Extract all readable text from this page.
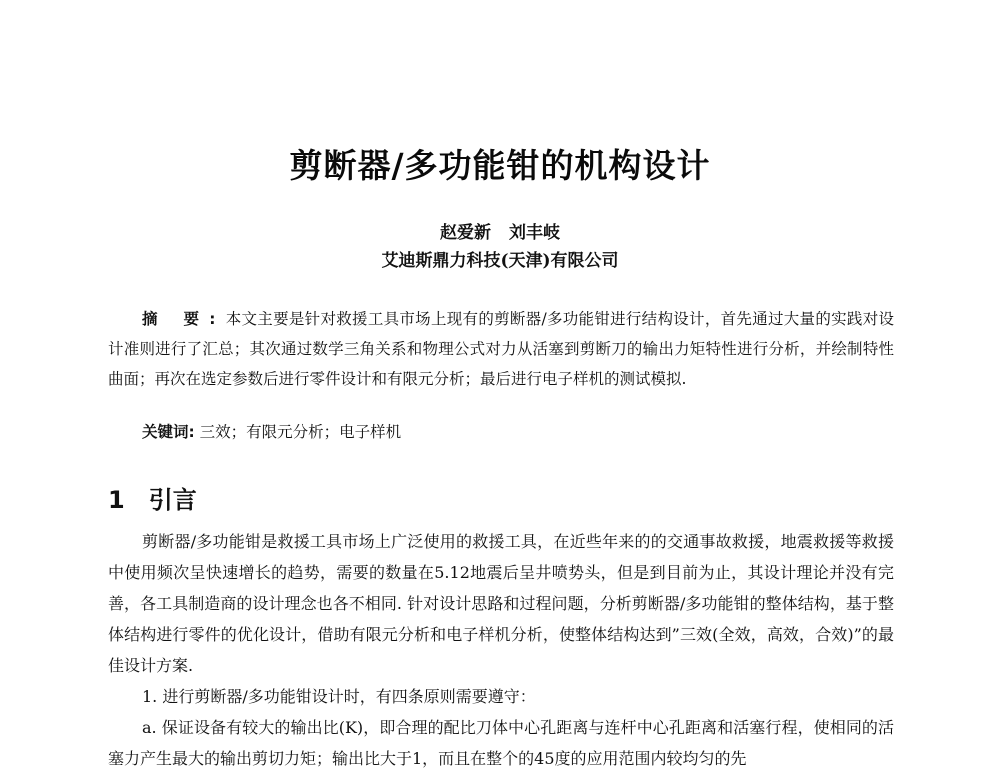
剪断器/多功能钳的机构设计
赵爱新 刘丰岐
艾迪斯鼎力科技(天津)有限公司
摘 要:本文主要是针对救援工具市场上现有的剪断器/多功能钳进行结构设计，首先通过大量的实践对设计准则进行了汇总；其次通过数学三角关系和物理公式对力从活塞到剪断刀的输出力矩特性进行分析，并绘制特性曲面；再次在选定参数后进行零件设计和有限元分析；最后进行电子样机的测试模拟.
关键词: 三效；有限元分析；电子样机
1 引言

剪断器/多功能钳是救援工具市场上广泛使用的救援工具，在近些年来的的交通事故救援，地震救援等救援中使用频次呈快速增长的趋势，需要的数量在5.12地震后呈井喷势头，但是到目前为止，其设计理论并没有完善，各工具制造商的设计理念也各不相同. 针对设计思路和过程问题，分析剪断器/多功能钳的整体结构，基于整体结构进行零件的优化设计，借助有限元分析和电子样机分析，使整体结构达到”三效(全效，高效，合效)”的最佳设计方案.

1. 进行剪断器/多功能钳设计时，有四条原则需要遵守：

a. 保证设备有较大的输出比(K)，即合理的配比刀体中心孔距离与连杆中心孔距离和活塞行程，使相同的活塞力产生最大的输出剪切力矩；输出比大于1，而且在整个的45度的应用范围内较均匀的先
